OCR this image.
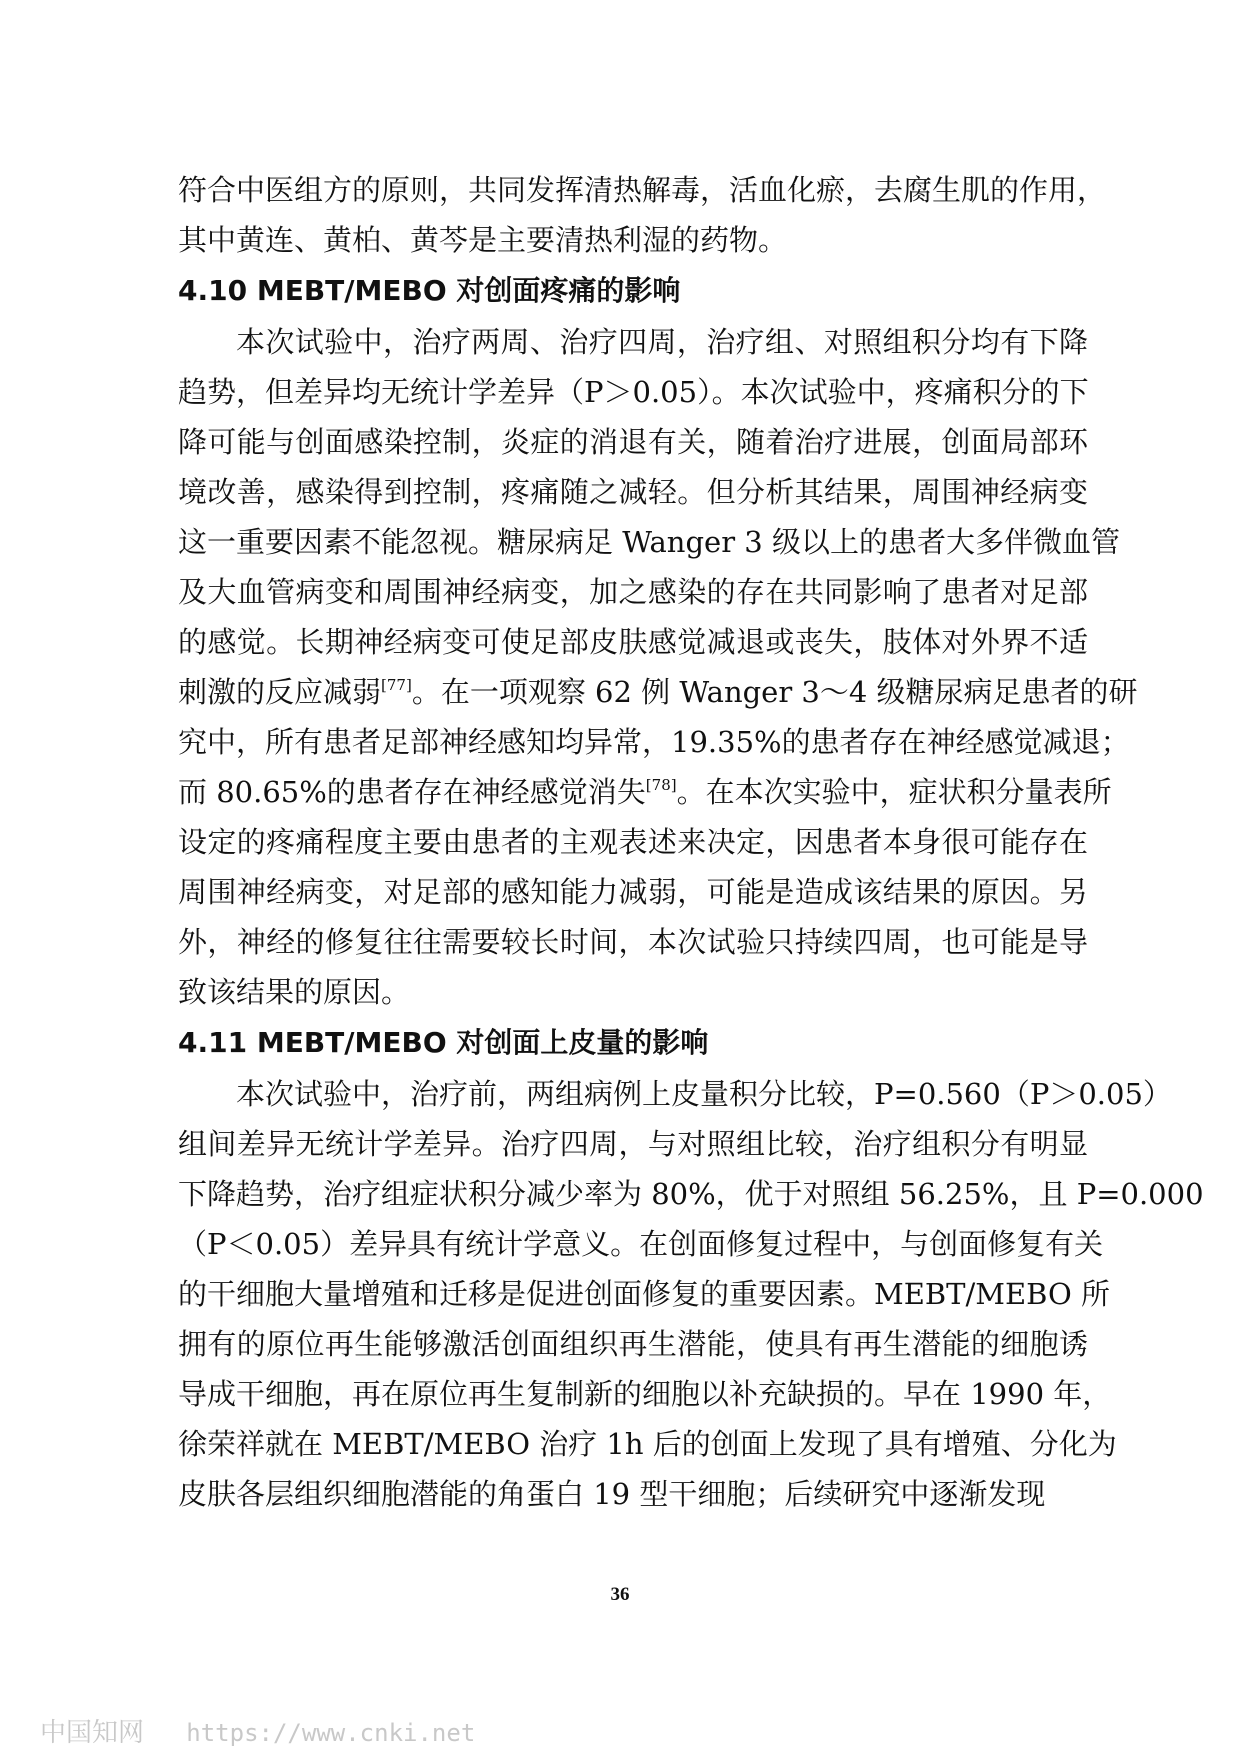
符合中医组方的原则，共同发挥清热解毒，活血化瘀，去腐生肌的作用，
其中黄连、黄柏、黄芩是主要清热利湿的药物。
4.10 MEBT/MEBO 对创面疼痛的影响
本次试验中，治疗两周、治疗四周，治疗组、对照组积分均有下降
趋势，但差异均无统计学差异（P＞0.05）。本次试验中，疼痛积分的下
降可能与创面感染控制，炎症的消退有关，随着治疗进展，创面局部环
境改善，感染得到控制，疼痛随之减轻。但分析其结果，周围神经病变
这一重要因素不能忽视。糖尿病足 Wanger 3 级以上的患者大多伴微血管
及大血管病变和周围神经病变，加之感染的存在共同影响了患者对足部
的感觉。长期神经病变可使足部皮肤感觉减退或丧失，肢体对外界不适
刺激的反应减弱[77]。在一项观察 62 例 Wanger 3～4 级糖尿病足患者的研
究中，所有患者足部神经感知均异常，19.35%的患者存在神经感觉减退；
而 80.65%的患者存在神经感觉消失[78]。在本次实验中，症状积分量表所
设定的疼痛程度主要由患者的主观表述来决定，因患者本身很可能存在
周围神经病变，对足部的感知能力减弱，可能是造成该结果的原因。另
外，神经的修复往往需要较长时间，本次试验只持续四周，也可能是导
致该结果的原因。
4.11 MEBT/MEBO 对创面上皮量的影响
本次试验中，治疗前，两组病例上皮量积分比较，P=0.560（P＞0.05）
组间差异无统计学差异。治疗四周，与对照组比较，治疗组积分有明显
下降趋势，治疗组症状积分减少率为 80%，优于对照组 56.25%，且 P=0.000
（P＜0.05）差异具有统计学意义。在创面修复过程中，与创面修复有关
的干细胞大量增殖和迁移是促进创面修复的重要因素。MEBT/MEBO 所
拥有的原位再生能够激活创面组织再生潜能，使具有再生潜能的细胞诱
导成干细胞，再在原位再生复制新的细胞以补充缺损的。早在 1990 年，
徐荣祥就在 MEBT/MEBO 治疗 1h 后的创面上发现了具有增殖、分化为
皮肤各层组织细胞潜能的角蛋白 19 型干细胞；后续研究中逐渐发现
36
中国知网 https://www.cnki.net
